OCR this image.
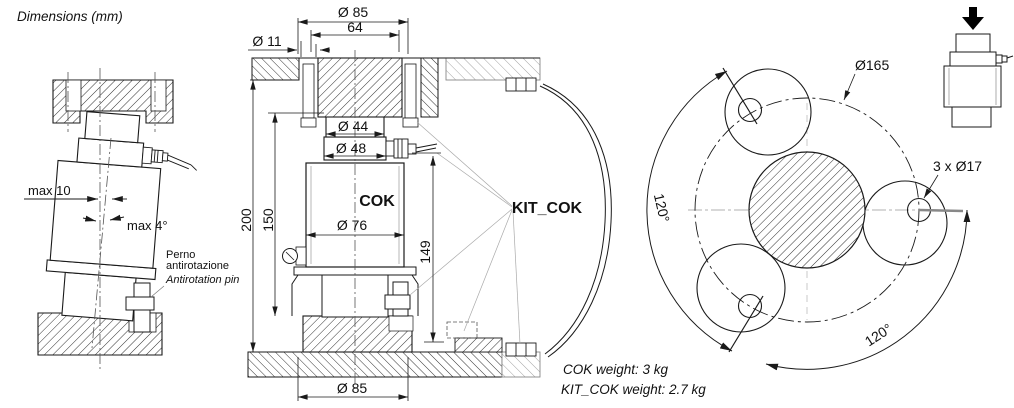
Dimensions (mm)
max 10
max 4°
Perno
antirotazione
Antirotation pin
Ø 85
64
Ø 11
Ø 44
Ø 48
Ø 76
200 150
149
Ø 85
COK	KIT_COK
Ø165
3 x Ø17
120°
120°
COK weight: 3 kg
KIT_COK weight: 2.7 kg
